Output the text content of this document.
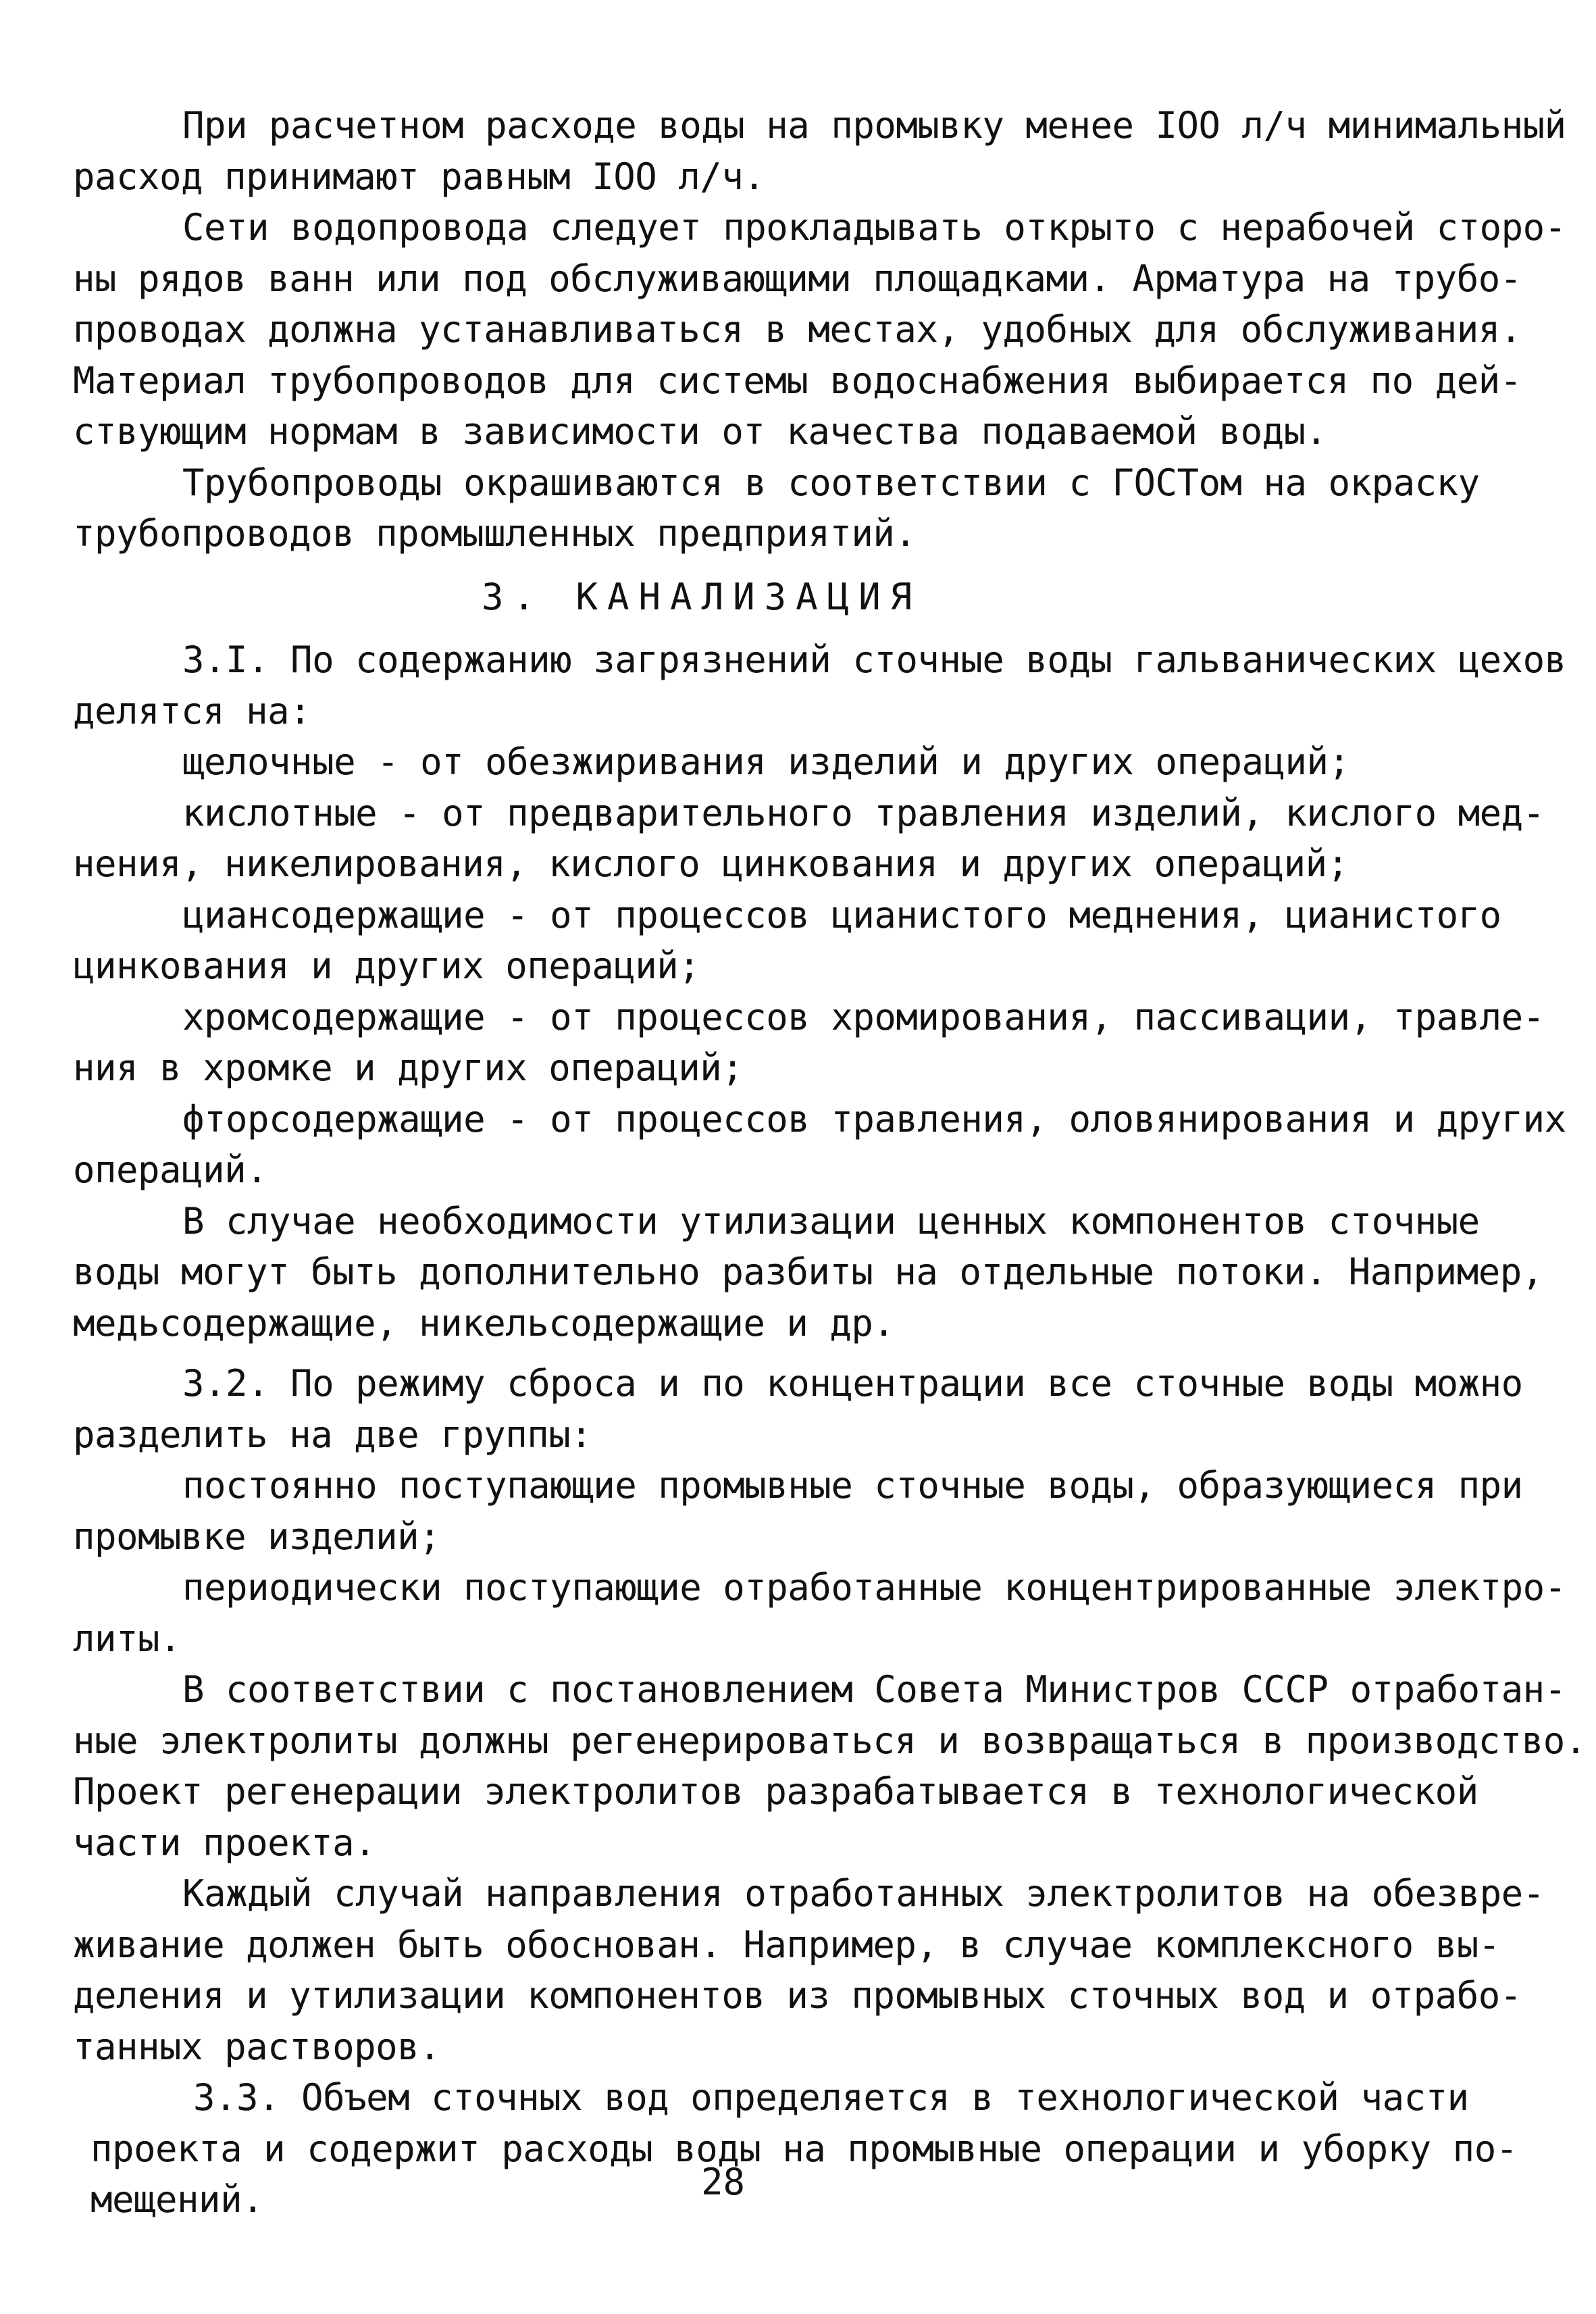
При расчетном расходе воды на промывку менее IOO л/ч минимальный
расход принимают равным IOO л/ч.
Сети водопровода следует прокладывать открыто с нерабочей сторо-
ны рядов ванн или под обслуживающими площадками. Арматура на трубо-
проводах должна устанавливаться в местах, удобных для обслуживания.
Материал трубопроводов для системы водоснабжения выбирается по дей-
ствующим нормам в зависимости от качества подаваемой воды.
Трубопроводы окрашиваются в соответствии с ГОСТом на окраску
трубопроводов промышленных предприятий.
3. КАНАЛИЗАЦИЯ
3.I. По содержанию загрязнений сточные воды гальванических цехов
делятся на:
щелочные - от обезжиривания изделий и других операций;
кислотные - от предварительного травления изделий, кислого мед-
нения, никелирования, кислого цинкования и других операций;
циансодержащие - от процессов цианистого меднения, цианистого
цинкования и других операций;
хромсодержащие - от процессов хромирования, пассивации, травле-
ния в хромке и других операций;
фторсодержащие - от процессов травления, оловянирования и других
операций.
В случае необходимости утилизации ценных компонентов сточные
воды могут быть дополнительно разбиты на отдельные потоки. Например,
медьсодержащие, никельсодержащие и др.
3.2. По режиму сброса и по концентрации все сточные воды можно
разделить на две группы:
постоянно поступающие промывные сточные воды, образующиеся при
промывке изделий;
периодически поступающие отработанные концентрированные электро-
литы.
В соответствии с постановлением Совета Министров СССР отработан-
ные электролиты должны регенерироваться и возвращаться в производство.
Проект регенерации электролитов разрабатывается в технологической
части проекта.
Каждый случай направления отработанных электролитов на обезвре-
живание должен быть обоснован. Например, в случае комплексного вы-
деления и утилизации компонентов из промывных сточных вод и отрабо-
танных растворов.
3.3. Объем сточных вод определяется в технологической части
проекта и содержит расходы воды на промывные операции и уборку по-
мещений.	28
